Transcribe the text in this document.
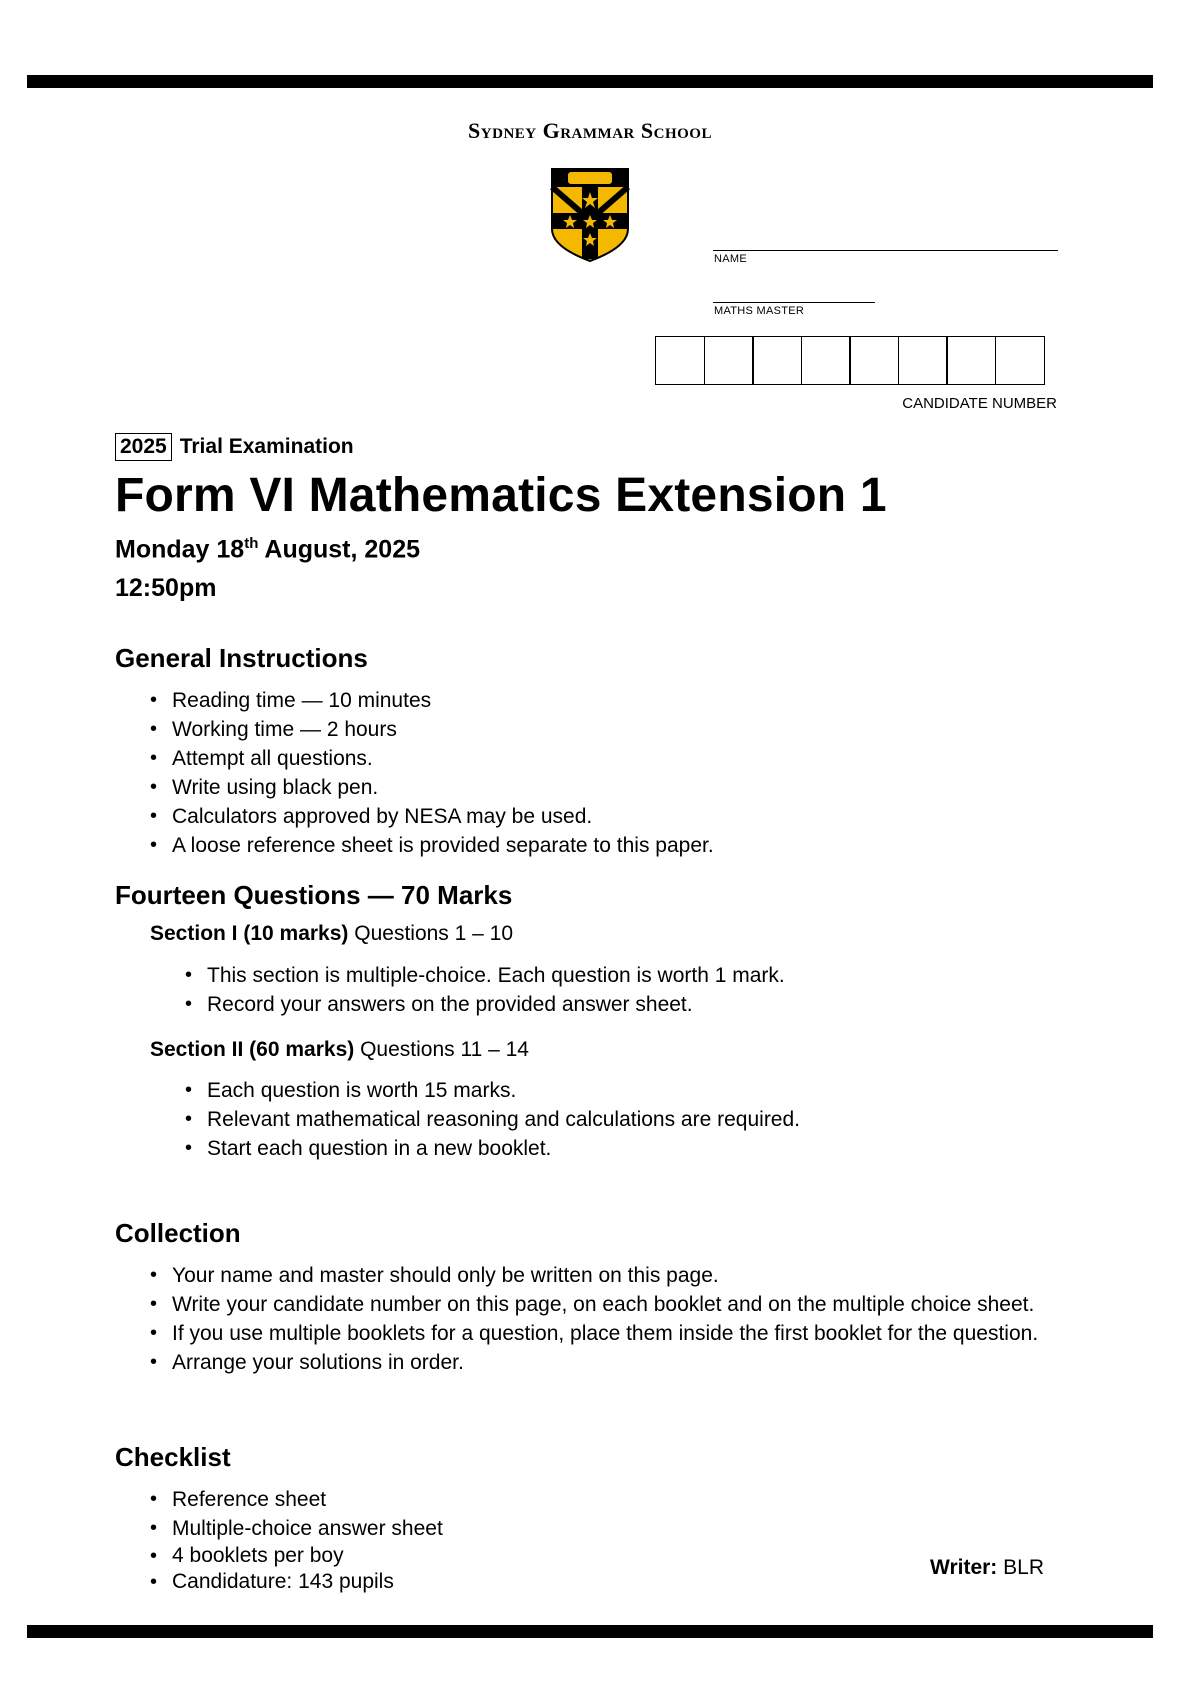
Sydney Grammar School
NAME
MATHS MASTER
CANDIDATE NUMBER
2025 Trial Examination
Form VI Mathematics Extension 1
Monday 18th August, 2025
12:50pm
General Instructions
• Reading time — 10 minutes
• Working time — 2 hours
• Attempt all questions.
• Write using black pen.
• Calculators approved by NESA may be used.
• A loose reference sheet is provided separate to this paper.
Fourteen Questions — 70 Marks
Section I (10 marks) Questions 1 – 10
• This section is multiple-choice. Each question is worth 1 mark.
• Record your answers on the provided answer sheet.
Section II (60 marks) Questions 11 – 14
• Each question is worth 15 marks.
• Relevant mathematical reasoning and calculations are required.
• Start each question in a new booklet.
Collection
• Your name and master should only be written on this page.
• Write your candidate number on this page, on each booklet and on the multiple choice sheet.
• If you use multiple booklets for a question, place them inside the first booklet for the question.
• Arrange your solutions in order.
Checklist
• Reference sheet
• Multiple-choice answer sheet
• 4 booklets per boy
• Candidature: 143 pupils
Writer: BLR
